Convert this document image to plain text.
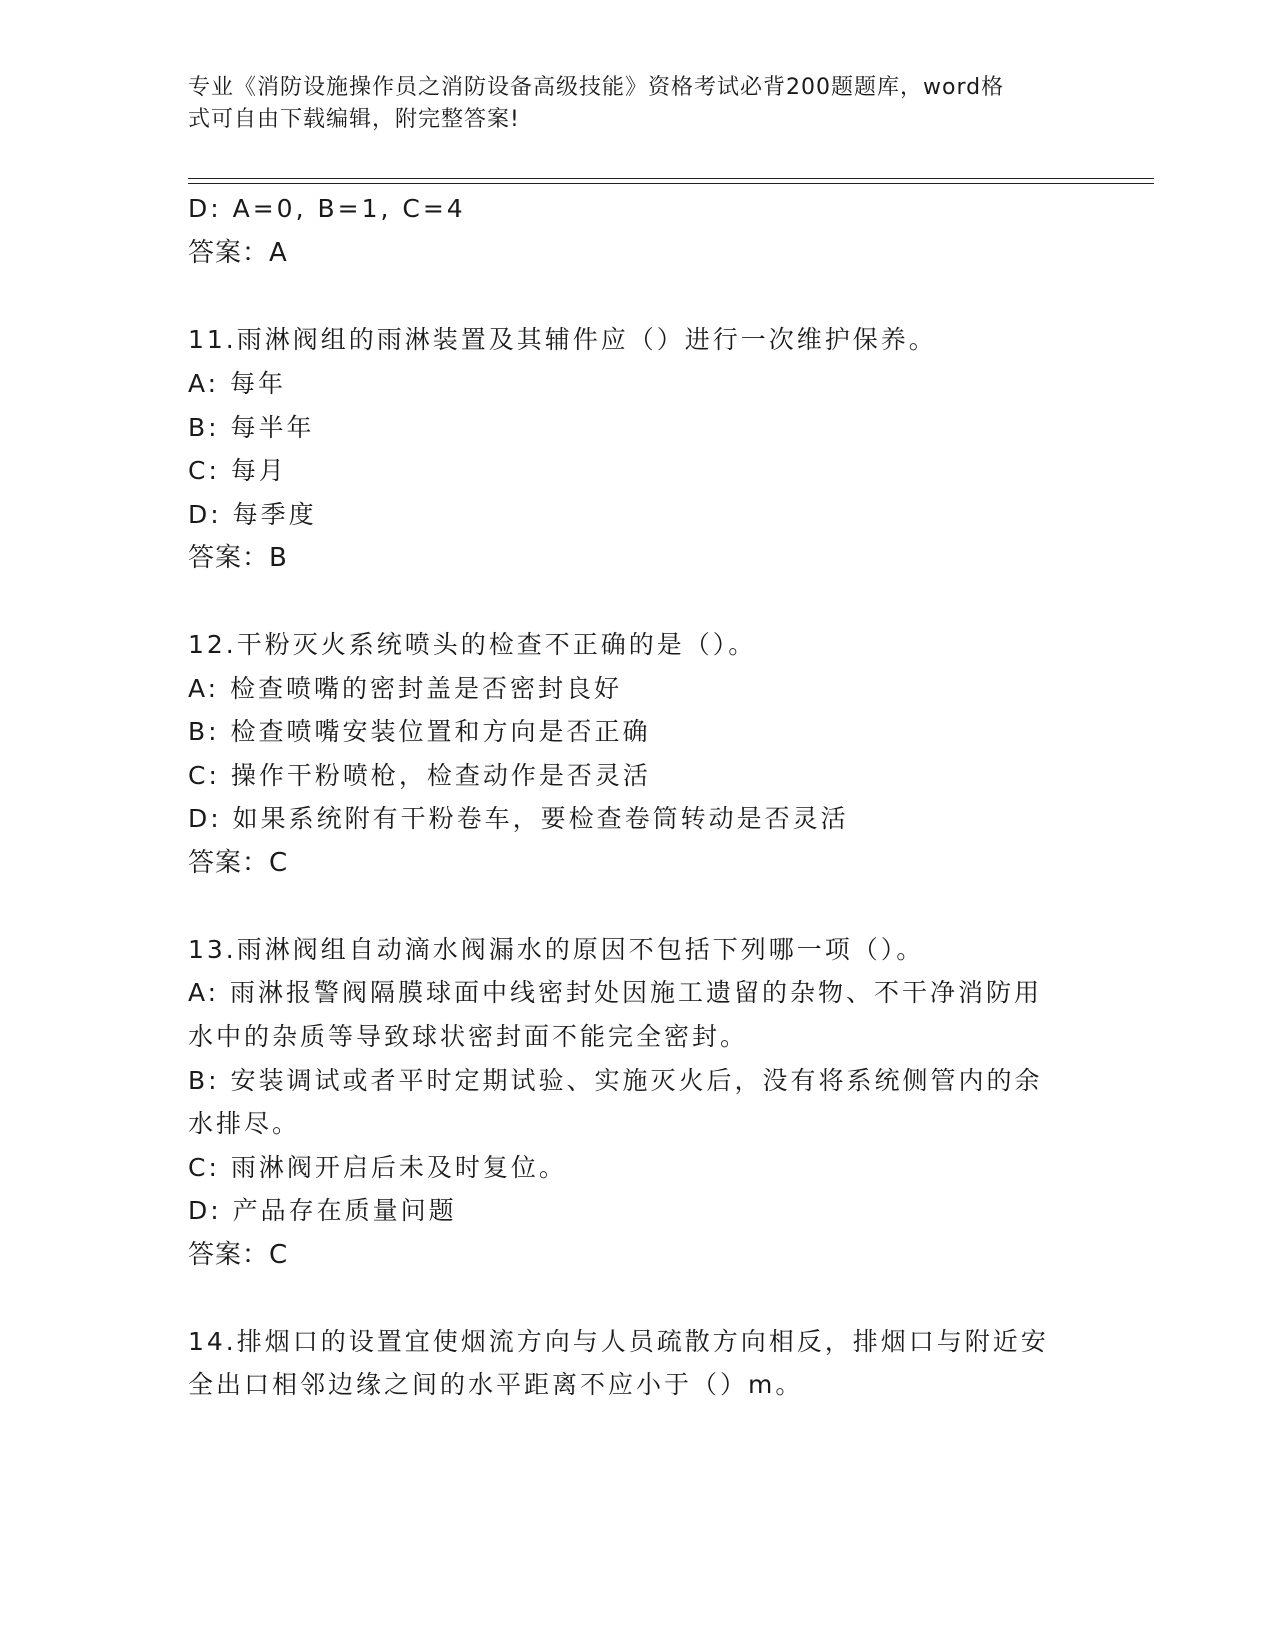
专业《消防设施操作员之消防设备高级技能》资格考试必背200题题库，word格
式可自由下载编辑，附完整答案!
D: A=0, B=1, C=4
答案：A
11.雨淋阀组的雨淋装置及其辅件应（）进行一次维护保养。
A: 每年
B: 每半年
C: 每月
D: 每季度
答案：B
12.干粉灭火系统喷头的检查不正确的是（）。
A: 检查喷嘴的密封盖是否密封良好
B: 检查喷嘴安装位置和方向是否正确
C: 操作干粉喷枪，检查动作是否灵活
D: 如果系统附有干粉卷车，要检查卷筒转动是否灵活
答案：C
13.雨淋阀组自动滴水阀漏水的原因不包括下列哪一项（）。
A: 雨淋报警阀隔膜球面中线密封处因施工遗留的杂物、不干净消防用
水中的杂质等导致球状密封面不能完全密封。
B: 安装调试或者平时定期试验、实施灭火后，没有将系统侧管内的余
水排尽。
C: 雨淋阀开启后未及时复位。
D: 产品存在质量问题
答案：C
14.排烟口的设置宜使烟流方向与人员疏散方向相反，排烟口与附近安
全出口相邻边缘之间的水平距离不应小于（）m。
